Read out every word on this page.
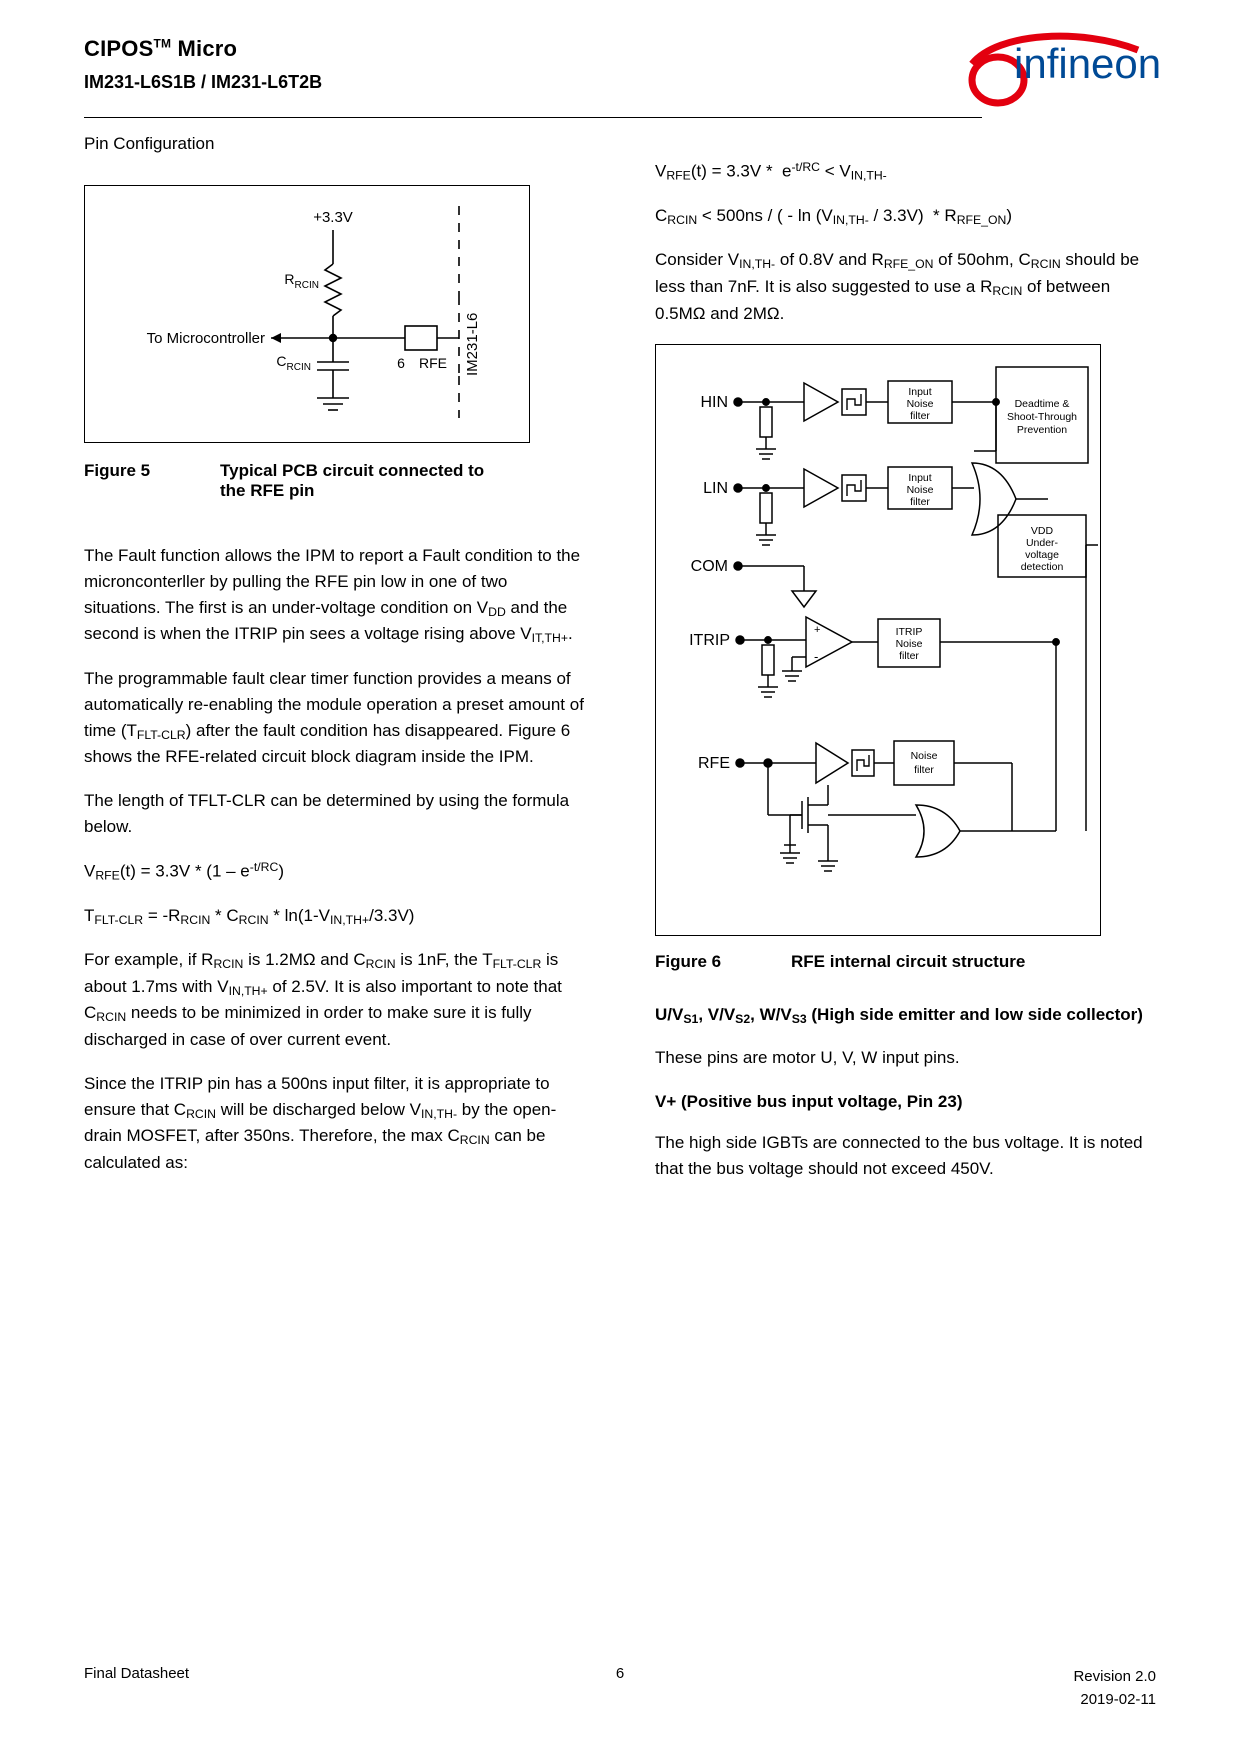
CIPOS™ Micro
IM231-L6S1B / IM231-L6T2B	infineon
Pin Configuration
+3.3V
$R_{RCIN}$
To Microcontroller
$C_{RCIN}$	6 RFE IM231-L6
Figure 5	Typical PCB circuit connected to
the RFE pin

The Fault function allows the IPM to report a Fault condition to the micronconterller by pulling the RFE pin low in one of two situations. The first is an under-voltage condition on $V_{DD}$ and the second is when the ITRIP pin sees a voltage rising above $V_{IT,TH+}$.

The programmable fault clear timer function provides a means of automatically re-enabling the module operation a preset amount of time $(T_{FLT-CLR})$ after the fault condition has disappeared. Figure 6 shows the RFE-related circuit block diagram inside the IPM.

The length of TFLT-CLR can be determined by using the formula below.

$V_{RFE}(t) = 3.3V * (1 - e^{-t/RC})$

$T_{FLT-CLR} = -R_{RCIN} * C_{RCIN} * \ln(1-V_{IN,TH+}/3.3V)$

For example, if $R_{RCIN}$ is 1.2MΩ and $C_{RCIN}$ is 1nF, the $T_{FLT-CLR}$ is about 1.7ms with $V_{IN,TH+}$ of 2.5V. It is also important to note that $C_{RCIN}$ needs to be minimized in order to make sure it is fully discharged in case of over current event.

Since the ITRIP pin has a 500ns input filter, it is appropriate to ensure that $C_{RCIN}$ will be discharged below $V_{IN,TH-}$ by the open-drain MOSFET, after 350ns. Therefore, the $\max C_{RCIN}$ can be calculated as:

$V_{RFE}(t) = 3.3V * e^{-t/RC} < V_{IN,TH-}$

$C_{RCIN} < 500ns$ / ( - $\ln (V_{IN,TH-} / 3.3V) * R_{RFE\_ON}$)

Consider $V_{IN,TH-}$ of 0.8V and $R_{RFE\_ON}$ of 50ohm, $C_{RCIN}$ should be less than 7nF. It is also suggested to use a $R_{RCIN}$ of between 0.5MΩ and 2MΩ.

HIN
Input
Noise
filter
LIN
Input
Noise
filter
Deadtime &
Shoot-Through
Prevention
COM
VDD
Under-
voltage
detection
ITRIP
+
-
ITRIP
Noise
filter
RFE	Noise
filter
Figure 6	RFE internal circuit structure

$U/V_{S1}$, $V/V_{S2}$, $W/V_{S3}$ (High side emitter and low side collector)

These pins are motor U, V, W input pins.

V+ (Positive bus input voltage, Pin 23)

The high side IGBTs are connected to the bus voltage. It is noted that the bus voltage should not exceed 450V.

Final Datasheet	6	Revision 2.0
2019-02-11
